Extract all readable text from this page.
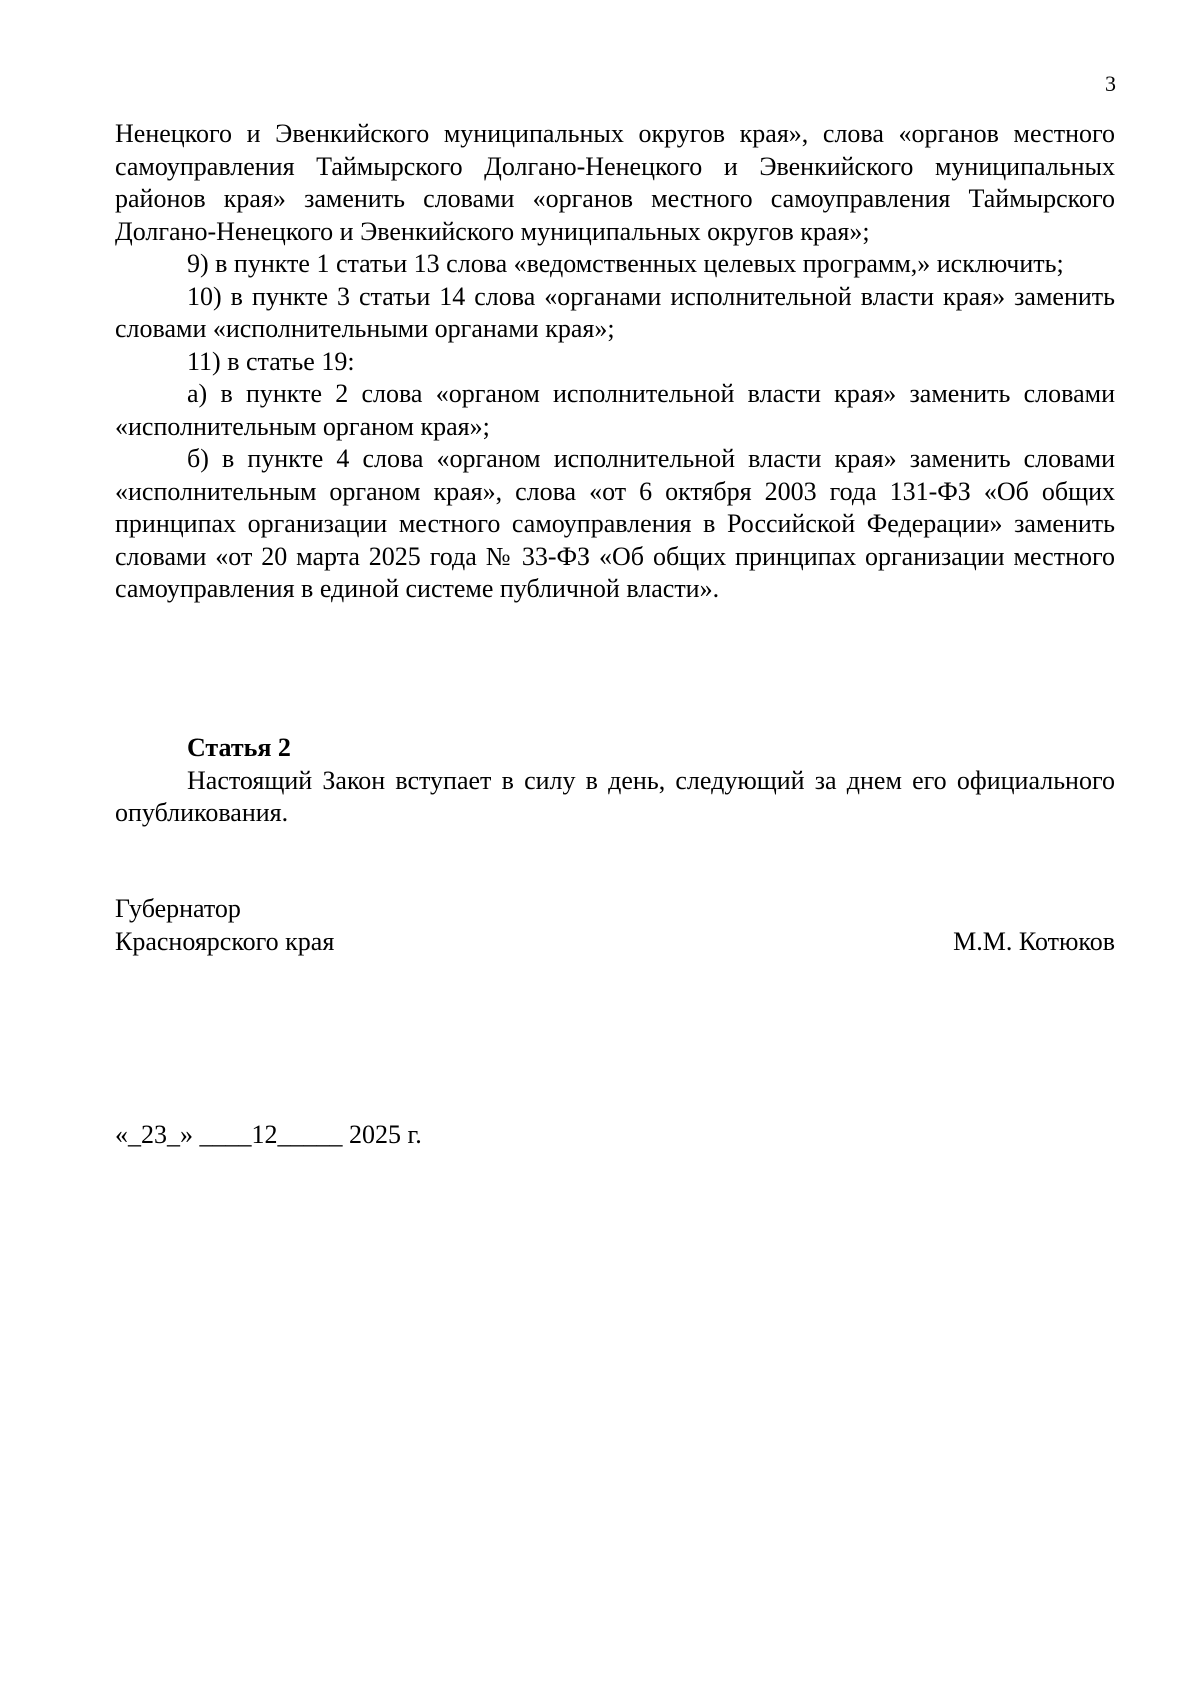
3

Ненецкого и Эвенкийского муниципальных округов края», слова «органов местного самоуправления Таймырского Долгано-Ненецкого и Эвенкийского муниципальных районов края» заменить словами «органов местного самоуправления Таймырского Долгано-Ненецкого и Эвенкийского муниципальных округов края»;

9) в пункте 1 статьи 13 слова «ведомственных целевых программ,» исключить;

10) в пункте 3 статьи 14 слова «органами исполнительной власти края» заменить словами «исполнительными органами края»;

11) в статье 19:

а) в пункте 2 слова «органом исполнительной власти края» заменить словами «исполнительным органом края»;

б) в пункте 4 слова «органом исполнительной власти края» заменить словами «исполнительным органом края», слова «от 6 октября 2003 года 131-ФЗ «Об общих принципах организации местного самоуправления в Российской Федерации» заменить словами «от 20 марта 2025 года № 33-ФЗ «Об общих принципах организации местного самоуправления в единой системе публичной власти».

Статья 2

Настоящий Закон вступает в силу в день, следующий за днем его официального опубликования.

Губернатор
Красноярского края	М.М. Котюков
«_23_» ____12_____ 2025 г.
